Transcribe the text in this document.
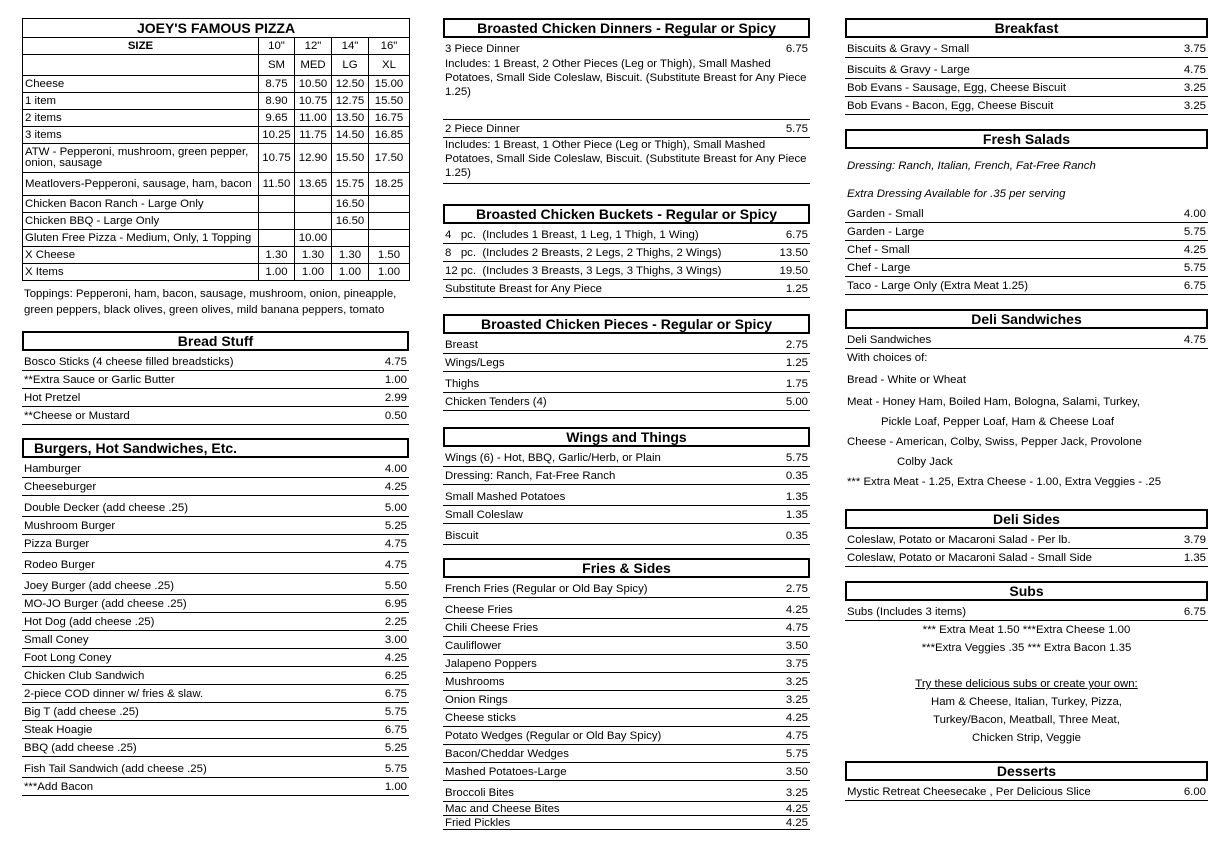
JOEY'S FAMOUS PIZZA				
SIZE	10"	12"	14"	16"
	SM	MED	LG	XL
Cheese	8.75	10.50	12.50	15.00
1 item	8.90	10.75	12.75	15.50
2 items	9.65	11.00	13.50	16.75
3 items	10.25	11.75	14.50	16.85
ATW - Pepperoni, mushroom, green pepper, onion, sausage	10.75	12.90	15.50	17.50
Meatlovers-Pepperoni, sausage, ham, bacon	11.50	13.65	15.75	18.25
Chicken Bacon Ranch - Large Only			16.50	
Chicken BBQ - Large Only			16.50	
Gluten Free Pizza - Medium, Only, 1 Topping		10.00		
X Cheese	1.30	1.30	1.30	1.50
X Items	1.00	1.00	1.00	1.00
Toppings: Pepperoni, ham, bacon, sausage, mushroom, onion, pineapple, green peppers, black olives, green olives, mild banana peppers, tomato
Bread Stuff
Bosco Sticks (4 cheese filled breadsticks)	4.75
**Extra Sauce or Garlic Butter	1.00
Hot Pretzel	2.99
**Cheese or Mustard	0.50
Burgers, Hot Sandwiches, Etc.
Hamburger	4.00
Cheeseburger	4.25
Double Decker (add cheese .25)	5.00
Mushroom Burger	5.25
Pizza Burger	4.75
Rodeo Burger	4.75
Joey Burger (add cheese .25)	5.50
MO-JO Burger (add cheese .25)	6.95
Hot Dog (add cheese .25)	2.25
Small Coney	3.00
Foot Long Coney	4.25
Chicken Club Sandwich	6.25
2-piece COD dinner w/ fries & slaw.	6.75
Big T (add cheese .25)	5.75
Steak Hoagie	6.75
BBQ (add cheese .25)	5.25
Fish Tail Sandwich (add cheese .25)	5.75
***Add Bacon	1.00
Broasted Chicken Dinners - Regular or Spicy
3 Piece Dinner	6.75
Includes: 1 Breast, 2 Other Pieces (Leg or Thigh), Small Mashed Potatoes, Small Side Coleslaw, Biscuit. (Substitute Breast for Any Piece 1.25)
2 Piece Dinner	5.75
Includes: 1 Breast, 1 Other Piece (Leg or Thigh), Small Mashed Potatoes, Small Side Coleslaw, Biscuit. (Substitute Breast for Any Piece 1.25)
Broasted Chicken Buckets - Regular or Spicy
4   pc.  (Includes 1 Breast, 1 Leg, 1 Thigh, 1 Wing)	6.75
8   pc.  (Includes 2 Breasts, 2 Legs, 2 Thighs, 2 Wings)	13.50
12 pc.  (Includes 3 Breasts, 3 Legs, 3 Thighs, 3 Wings)	19.50
Substitute Breast for Any Piece	1.25
Broasted Chicken Pieces - Regular or Spicy
Breast	2.75
Wings/Legs	1.25
Thighs	1.75
Chicken Tenders (4)	5.00
Wings and Things
Wings (6) - Hot, BBQ, Garlic/Herb, or Plain	5.75
Dressing: Ranch, Fat-Free Ranch	0.35
Small Mashed Potatoes	1.35
Small Coleslaw	1.35
Biscuit	0.35
Fries & Sides
French Fries (Regular or Old Bay Spicy)	2.75
Cheese Fries	4.25
Chili Cheese Fries	4.75
Cauliflower	3.50
Jalapeno Poppers	3.75
Mushrooms	3.25
Onion Rings	3.25
Cheese sticks	4.25
Potato Wedges (Regular or Old Bay Spicy)	4.75
Bacon/Cheddar Wedges	5.75
Mashed Potatoes-Large	3.50
Broccoli Bites	3.25
Mac and Cheese Bites	4.25
Fried Pickles	4.25
Breakfast
Biscuits & Gravy - Small	3.75
Biscuits & Gravy - Large	4.75
Bob Evans - Sausage, Egg, Cheese Biscuit	3.25
Bob Evans - Bacon, Egg, Cheese Biscuit	3.25
Fresh Salads
Dressing: Ranch, Italian, French, Fat-Free Ranch
Extra Dressing Available for .35 per serving
Garden - Small	4.00
Garden - Large	5.75
Chef - Small	4.25
Chef - Large	5.75
Taco - Large Only (Extra Meat 1.25)	6.75
Deli Sandwiches
Deli Sandwiches	4.75
With choices of:
Bread - White or Wheat
Meat - Honey Ham, Boiled Ham, Bologna, Salami, Turkey,
Pickle Loaf, Pepper Loaf, Ham & Cheese Loaf
Cheese - American, Colby, Swiss, Pepper Jack, Provolone
Colby Jack
*** Extra Meat - 1.25, Extra Cheese - 1.00, Extra Veggies - .25
Deli Sides
Coleslaw, Potato or Macaroni Salad - Per lb.	3.79
Coleslaw, Potato or Macaroni Salad - Small Side	1.35
Subs
Subs (Includes 3 items)	6.75
*** Extra Meat 1.50 ***Extra Cheese 1.00
***Extra Veggies .35 *** Extra Bacon 1.35
Try these delicious subs or create your own:
Ham & Cheese, Italian, Turkey, Pizza,
Turkey/Bacon, Meatball, Three Meat,
Chicken Strip, Veggie
Desserts
Mystic Retreat Cheesecake , Per Delicious Slice	6.00
